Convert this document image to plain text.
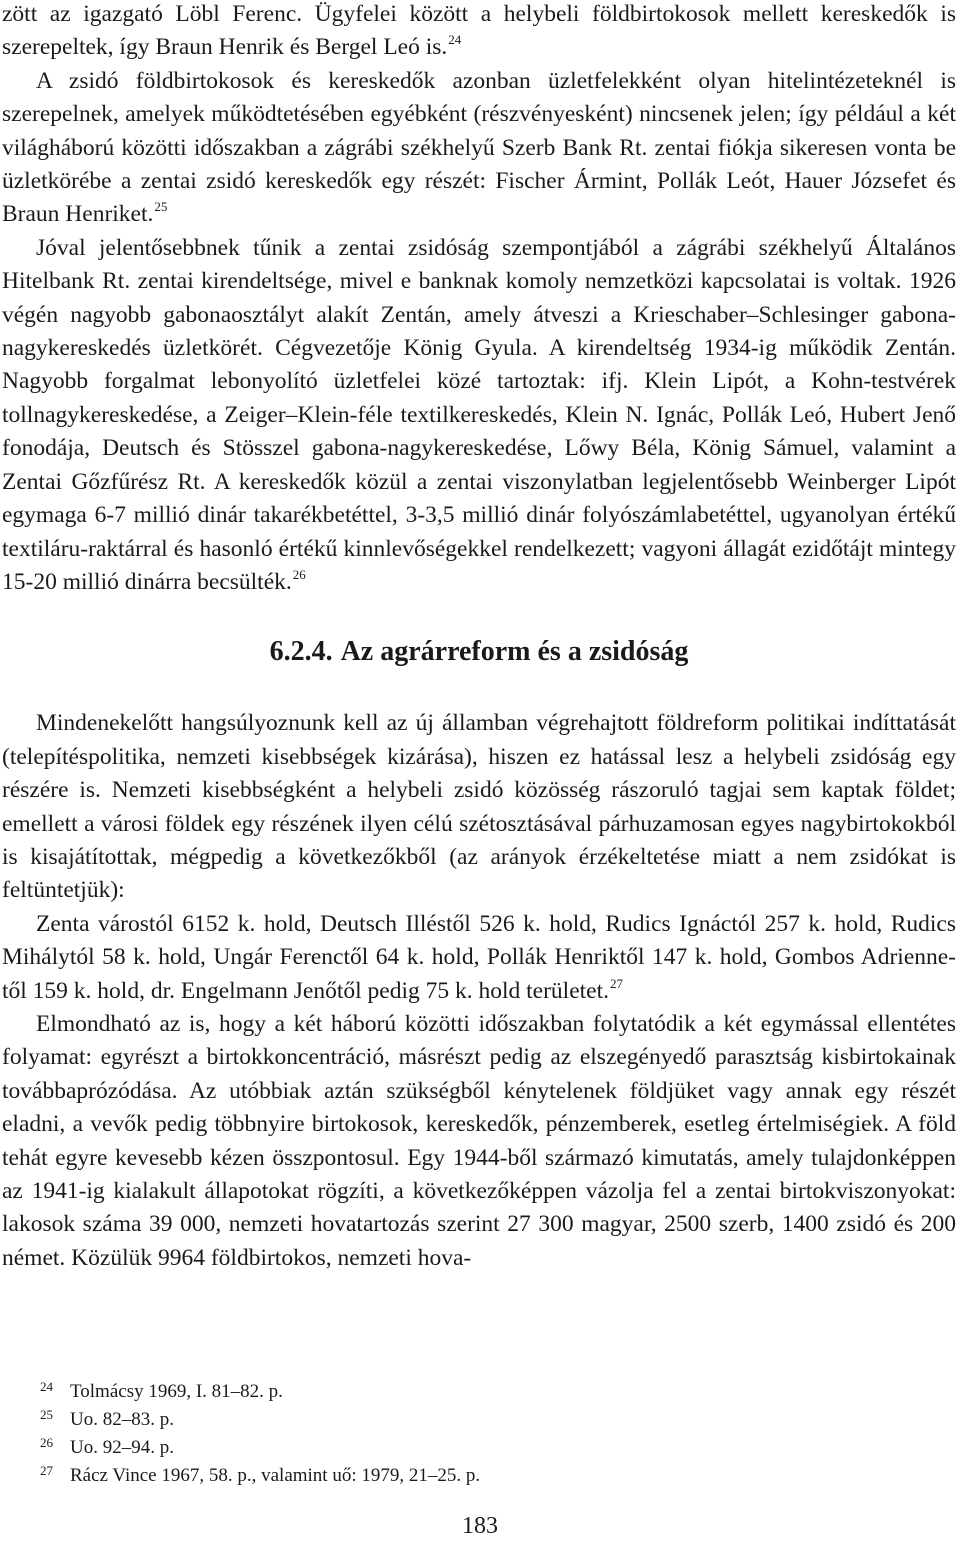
zött az igazgató Löbl Ferenc. Ügyfelei között a helybeli földbirtokosok mellett kereskedők is szerepeltek, így Braun Henrik és Bergel Leó is.$^{24}$

A zsidó földbirtokosok és kereskedők azonban üzletfelekként olyan hitelintézeteknél is szerepelnek, amelyek működtetésében egyébként (részvényesként) nincsenek jelen; így például a két világháború közötti időszakban a zágrábi székhelyű Szerb Bank Rt. zentai fiókja sikeresen vonta be üzletkörébe a zentai zsidó kereskedők egy részét: Fischer Ármint, Pollák Leót, Hauer Józsefet és Braun Henriket.$^{25}$

Jóval jelentősebbnek tűnik a zentai zsidóság szempontjából a zágrábi székhelyű Általános Hitelbank Rt. zentai kirendeltsége, mivel e banknak komoly nemzetközi kapcsolatai is voltak. 1926 végén nagyobb gabonaosztályt alakít Zentán, amely átveszi a Krieschaber–Schlesinger gabona-nagykereskedés üzletkörét. Cégvezetője König Gyula. A kirendeltség 1934-ig működik Zentán. Nagyobb forgalmat lebonyolító üzletfelei közé tartoztak: ifj. Klein Lipót, a Kohn-testvérek tollnagykereskedése, a Zeiger–Klein-féle textilkereskedés, Klein N. Ignác, Pollák Leó, Hubert Jenő fonodája, Deutsch és Stösszel gabona-nagykereskedése, Lőwy Béla, König Sámuel, valamint a Zentai Gőzfűrész Rt. A kereskedők közül a zentai viszonylatban legjelentősebb Weinberger Lipót egymaga 6-7 millió dinár takarékbetéttel, 3-3,5 millió dinár folyószámlabetéttel, ugyanolyan értékű textiláru-raktárral és hasonló értékű kinnlevőségekkel rendelkezett; vagyoni állagát ezidőtájt mintegy 15-20 millió dinárra becsülték.$^{26}$

6.2.4. Az agrárreform és a zsidóság

Mindenekelőtt hangsúlyoznunk kell az új államban végrehajtott földreform politikai indíttatását (telepítéspolitika, nemzeti kisebbségek kizárása), hiszen ez hatással lesz a helybeli zsidóság egy részére is. Nemzeti kisebbségként a helybeli zsidó közösség rászoruló tagjai sem kaptak földet; emellett a városi földek egy részének ilyen célú szétosztásával párhuzamosan egyes nagybirtokokból is kisajátítottak, mégpedig a következőkből (az arányok érzékeltetése miatt a nem zsidókat is feltüntetjük):

Zenta várostól 6152 k. hold, Deutsch Illéstől 526 k. hold, Rudics Ignáctól 257 k. hold, Rudics Mihálytól 58 k. hold, Ungár Ferenctől 64 k. hold, Pollák Henriktől 147 k. hold, Gombos Adrienne-től 159 k. hold, dr. Engelmann Jenőtől pedig 75 k. hold területet.$^{27}$

Elmondható az is, hogy a két háború közötti időszakban folytatódik a két egymással ellentétes folyamat: egyrészt a birtokkoncentráció, másrészt pedig az elszegényedő parasztság kisbirtokainak továbbaprózódása. Az utóbbiak aztán szükségből kénytelenek földjüket vagy annak egy részét eladni, a vevők pedig többnyire birtokosok, kereskedők, pénzemberek, esetleg értelmiségiek. A föld tehát egyre kevesebb kézen összpontosul. Egy 1944-ből származó kimutatás, amely tulajdonképpen az 1941-ig kialakult állapotokat rögzíti, a következőképpen vázolja fel a zentai birtokviszonyokat: lakosok száma 39 000, nemzeti hovatartozás szerint 27 300 magyar, 2500 szerb, 1400 zsidó és 200 német. Közülük 9964 földbirtokos, nemzeti hova-

24 Tolmácsy 1969, I. 81–82. p.

25 Uo. 82–83. p.

26 Uo. 92–94. p.

27 Rácz Vince 1967, 58. p., valamint uő: 1979, 21–25. p.

183
